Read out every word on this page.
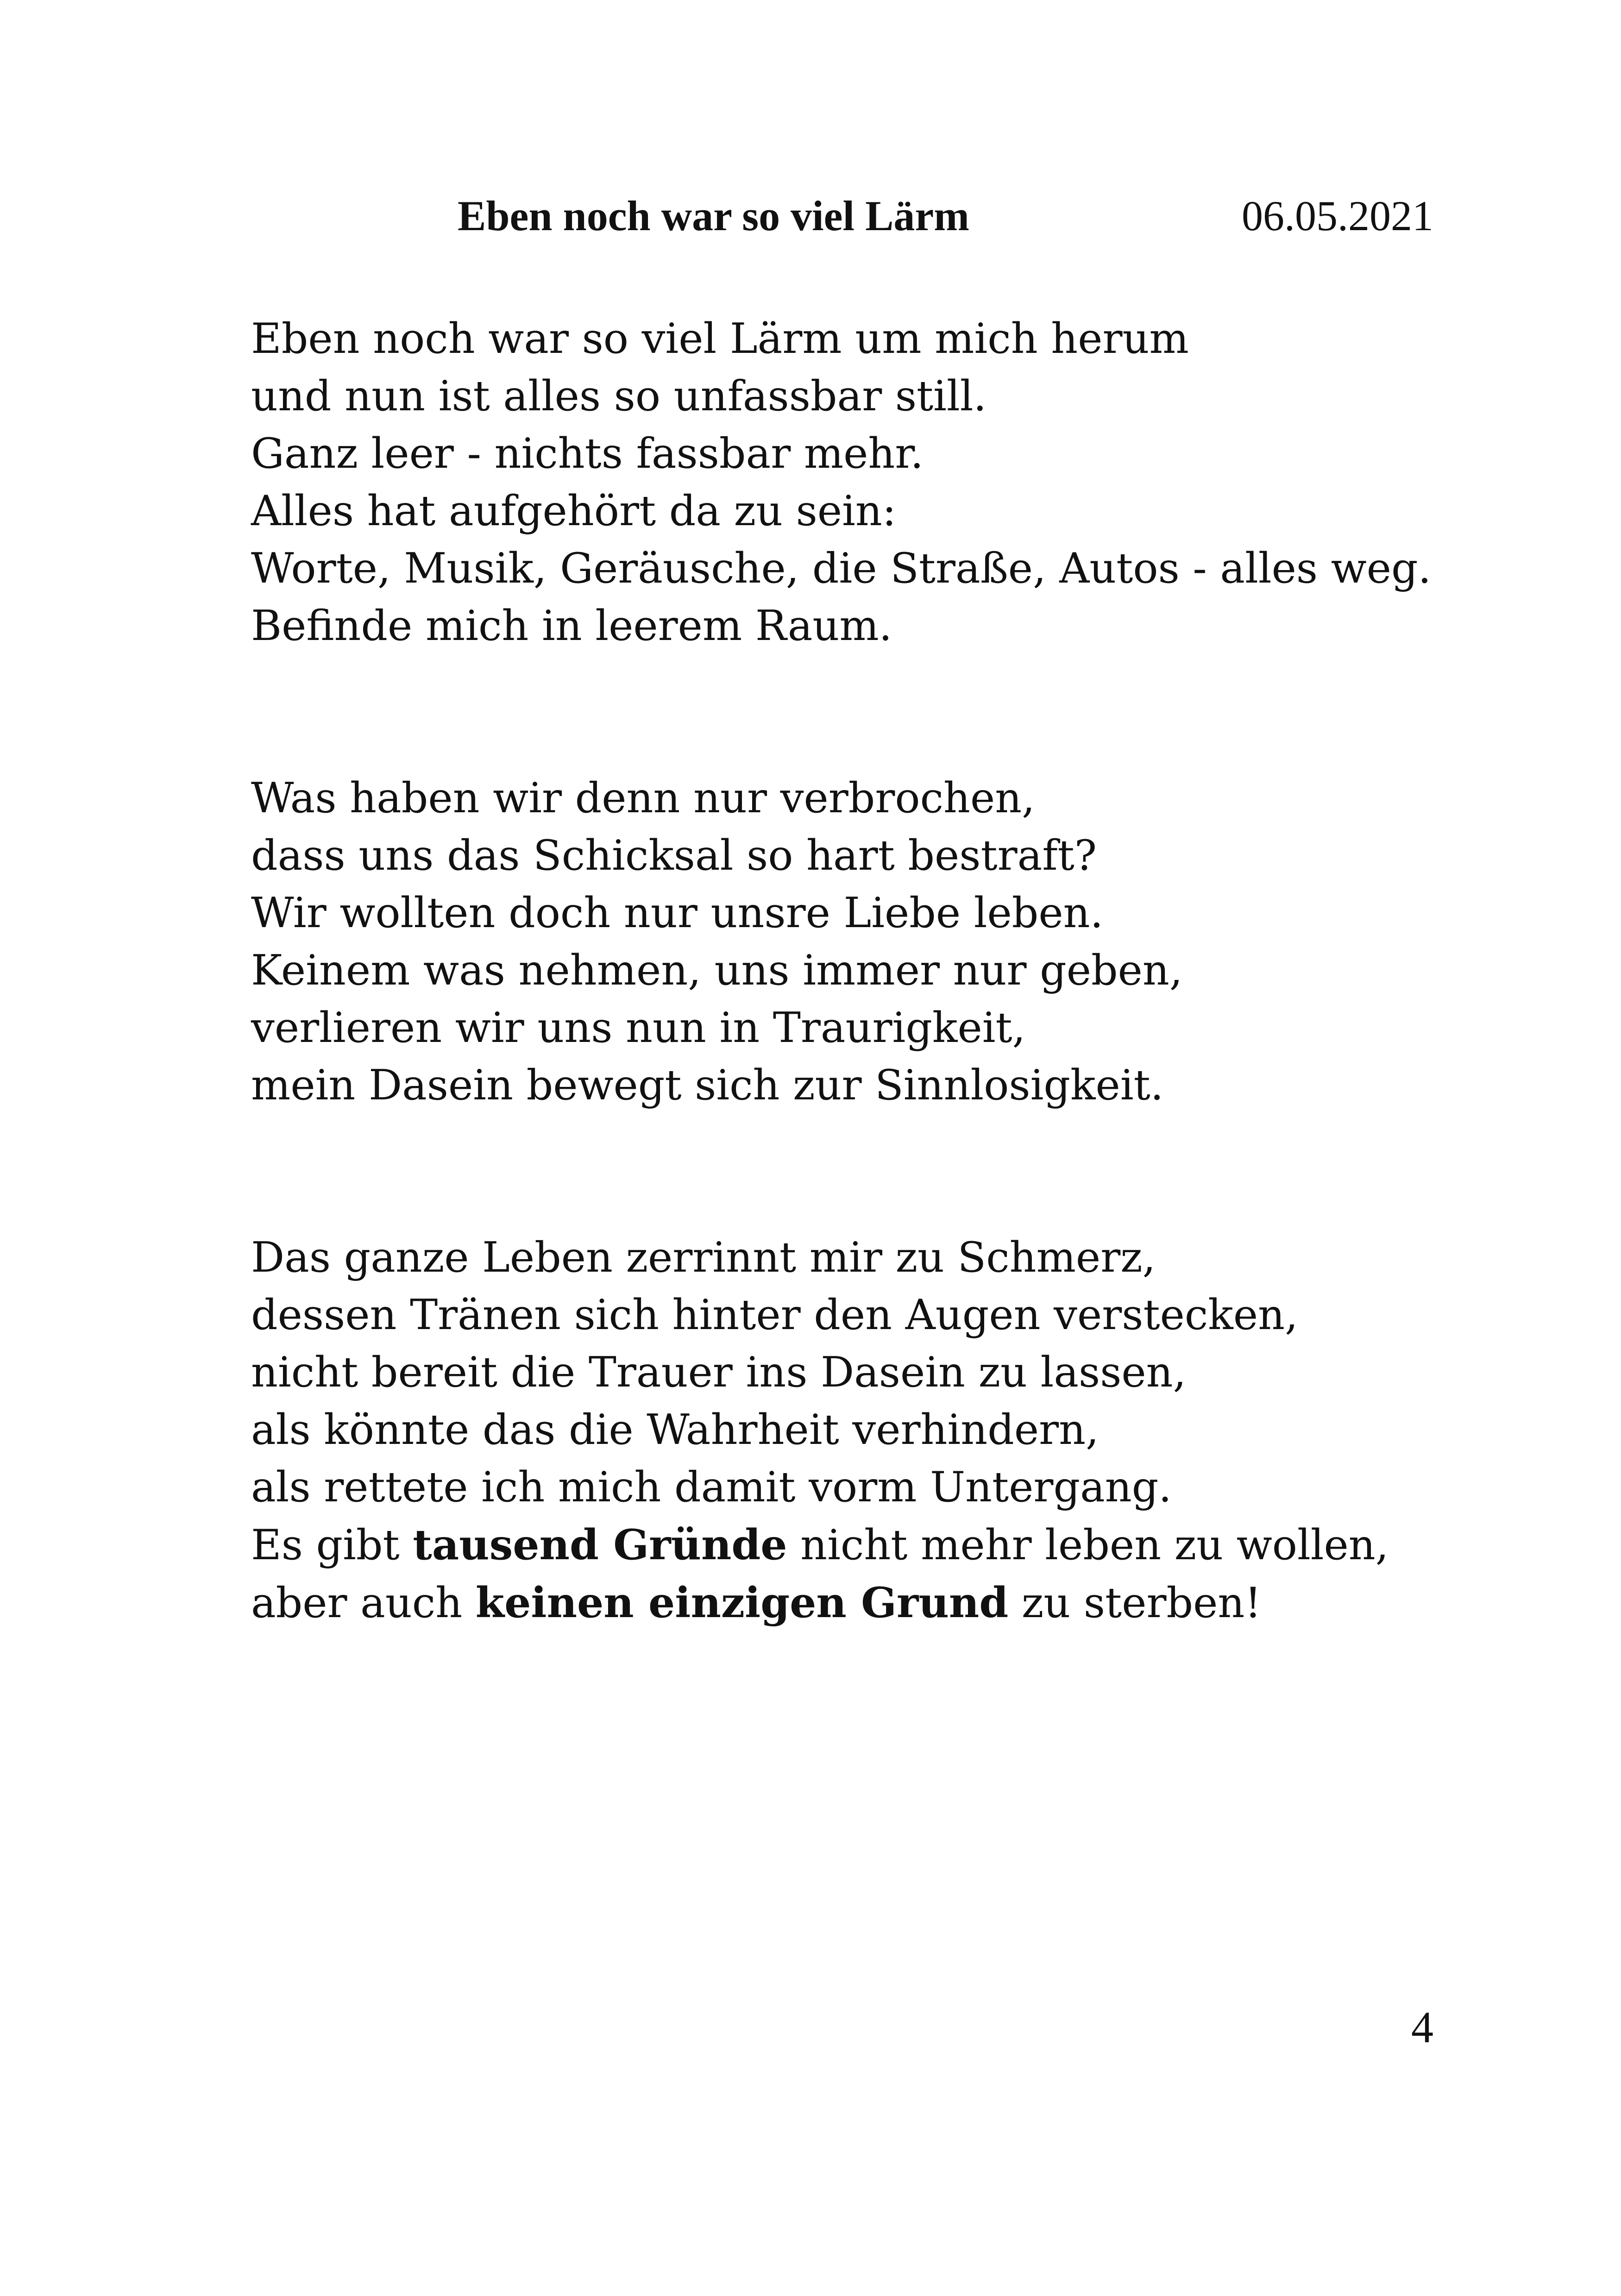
Eben noch war so viel Lärm	06.05.2021
Eben noch war so viel Lärm um mich herum
und nun ist alles so unfassbar still.
Ganz leer - nichts fassbar mehr.
Alles hat aufgehört da zu sein:
Worte, Musik, Geräusche, die Straße, Autos - alles weg.
Befinde mich in leerem Raum.
Was haben wir denn nur verbrochen,
dass uns das Schicksal so hart bestraft?
Wir wollten doch nur unsre Liebe leben.
Keinem was nehmen, uns immer nur geben,
verlieren wir uns nun in Traurigkeit,
mein Dasein bewegt sich zur Sinnlosigkeit.
Das ganze Leben zerrinnt mir zu Schmerz,
dessen Tränen sich hinter den Augen verstecken,
nicht bereit die Trauer ins Dasein zu lassen,
als könnte das die Wahrheit verhindern,
als rettete ich mich damit vorm Untergang.
Es gibt tausend Gründe nicht mehr leben zu wollen,
aber auch keinen einzigen Grund zu sterben!
4
